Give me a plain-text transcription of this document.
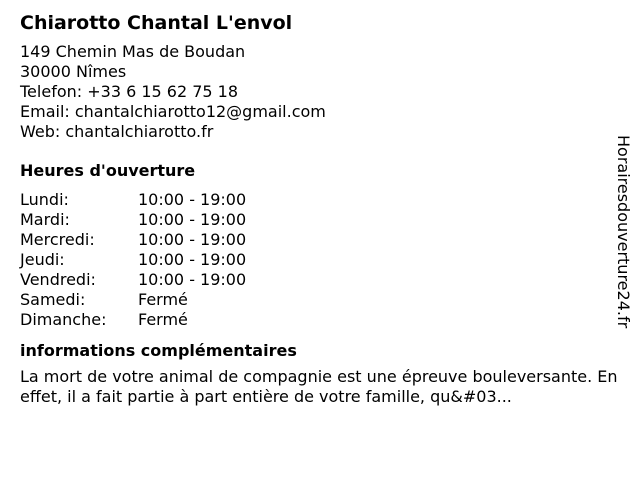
Chiarotto Chantal L'envol
149 Chemin Mas de Boudan
30000 Nîmes
Telefon: +33 6 15 62 75 18
Email: chantalchiarotto12@gmail.com
Web: chantalchiarotto.fr
Heures d'ouverture
Lundi:	10:00 - 19:00
Mardi:	10:00 - 19:00
Mercredi:	10:00 - 19:00
Jeudi:	10:00 - 19:00
Vendredi:	10:00 - 19:00
Samedi:	Fermé
Dimanche:	Fermé
informations complémentaires

La mort de votre animal de compagnie est une épreuve bouleversante. En effet, il a fait partie à part entière de votre famille, qu&#03...

Horairesdouverture24.fr
